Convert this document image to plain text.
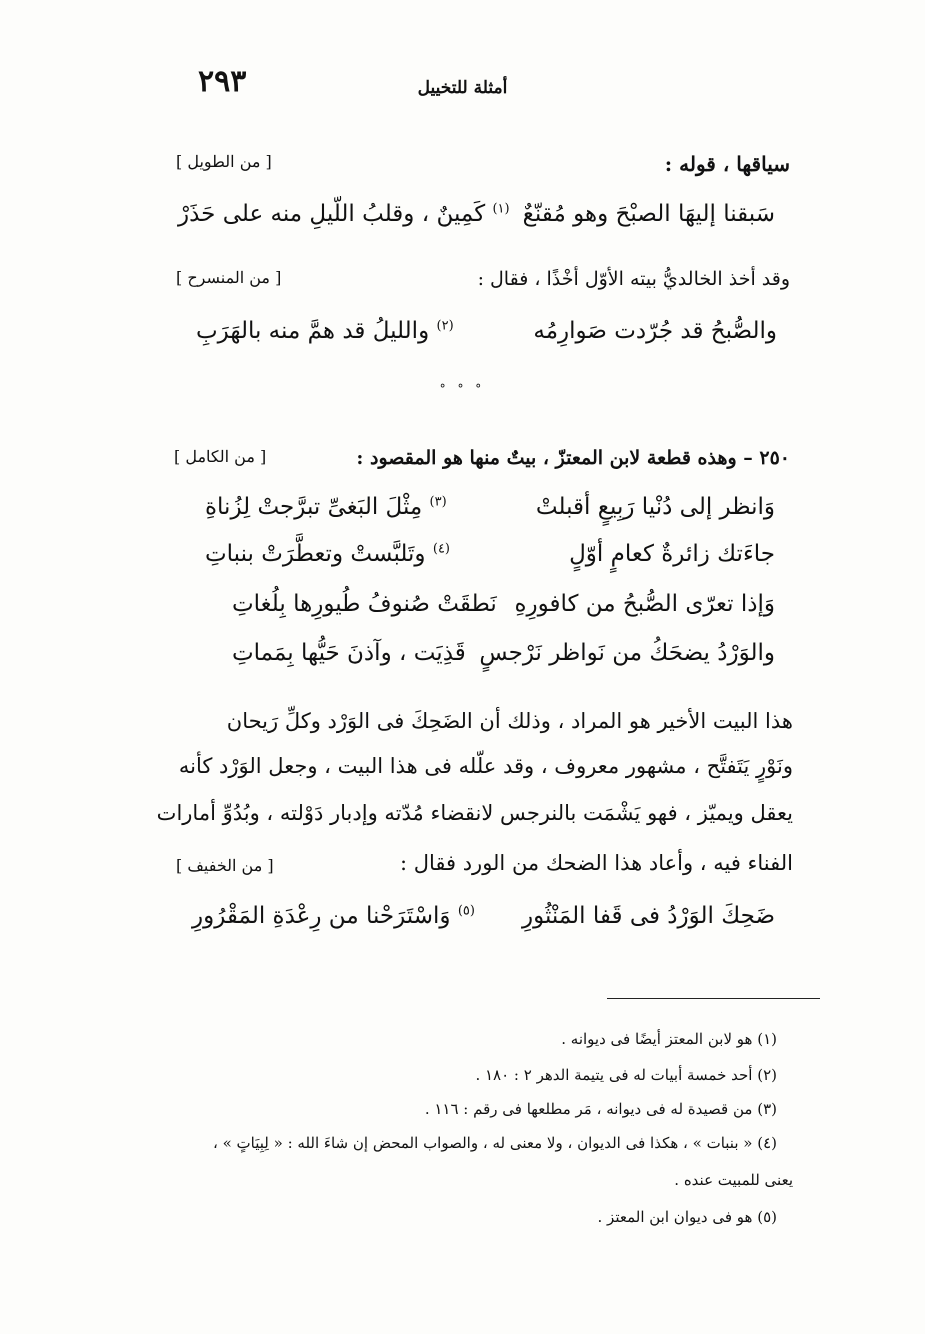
٢٩٣	أمثلة للتخييل
سياقها ، قوله :
[ من الطويل ]
سَبقنا إليهَا الصبْحَ وهو مُقنّعٌ
$^{(١)}$ كَمِينٌ ، وقلبُ اللّيلِ منه على حَذَرْ
وقد أخذ الخالديُّ بيته الأوّل أخْذًا ، فقال :
[ من المنسرح ]
والصُّبحُ قد جُرّدت صَوارِمُه
$^{(٢)}$ والليلُ قد همَّ منه بالهَرَبِ
° ° °
٢٥٠ – وهذه قطعة لابن المعتزّ ، بيتٌ منها هو المقصود :
[ من الكامل ]
وَانظر إلى دُنْيا رَبِيعٍ أقبلتْ
$^{(٣)}$ مِثْلَ البَغىِّ تبرَّجتْ لِزُناةِ
جاءَتك زائرةٌ كعامٍ أوّلٍ
$^{(٤)}$ وتَلبَّستْ وتعطَّرَتْ بنباتِ
وَإذا تعرّى الصُّبحُ من كافورِهِ
نَطقَتْ صُنوفُ طُيورِها بِلُغاتِ
والوَرْدُ يضحَكُ من نَواظر نَرْجسٍ
قَذِيَت ، وآذنَ حَيُّها بِمَماتِ
هذا البيت الأخير هو المراد ، وذلك أن الضَحِكَ فى الوَرْد وكلِّ رَيحان
ونَوْرٍ يَتَفتَّح ، مشهور معروف ، وقد علّله فى هذا البيت ، وجعل الوَرْد كأنه
يعقل ويميّز ، فهو يَشْمَت بالنرجس لانقضاء مُدّته وإدبار دَوْلته ، وبُدُوِّ أمارات
الفناء فيه ، وأعاد هذا الضحك من الورد فقال :
[ من الخفيف ]
ضَحِكَ الوَرْدُ فى قَفا المَنْثُورِ
$^{(٥)}$ وَاسْتَرَحْنا من رِعْدَةِ المَقْرُورِ
(١) هو لابن المعتز أيضًا فى ديوانه .
(٢) أحد خمسة أبيات له فى يتيمة الدهر ٢ : ١٨٠ .
(٣) من قصيدة له فى ديوانه ، مَر مطلعها فى رقم : ١١٦ .
(٤) « بنبات » ، هكذا فى الديوان ، ولا معنى له ، والصواب المحض إن شاءَ الله : « لِبِيَاتٍ » ،
يعنى للمبيت عنده .
(٥) هو فى ديوان ابن المعتز .
